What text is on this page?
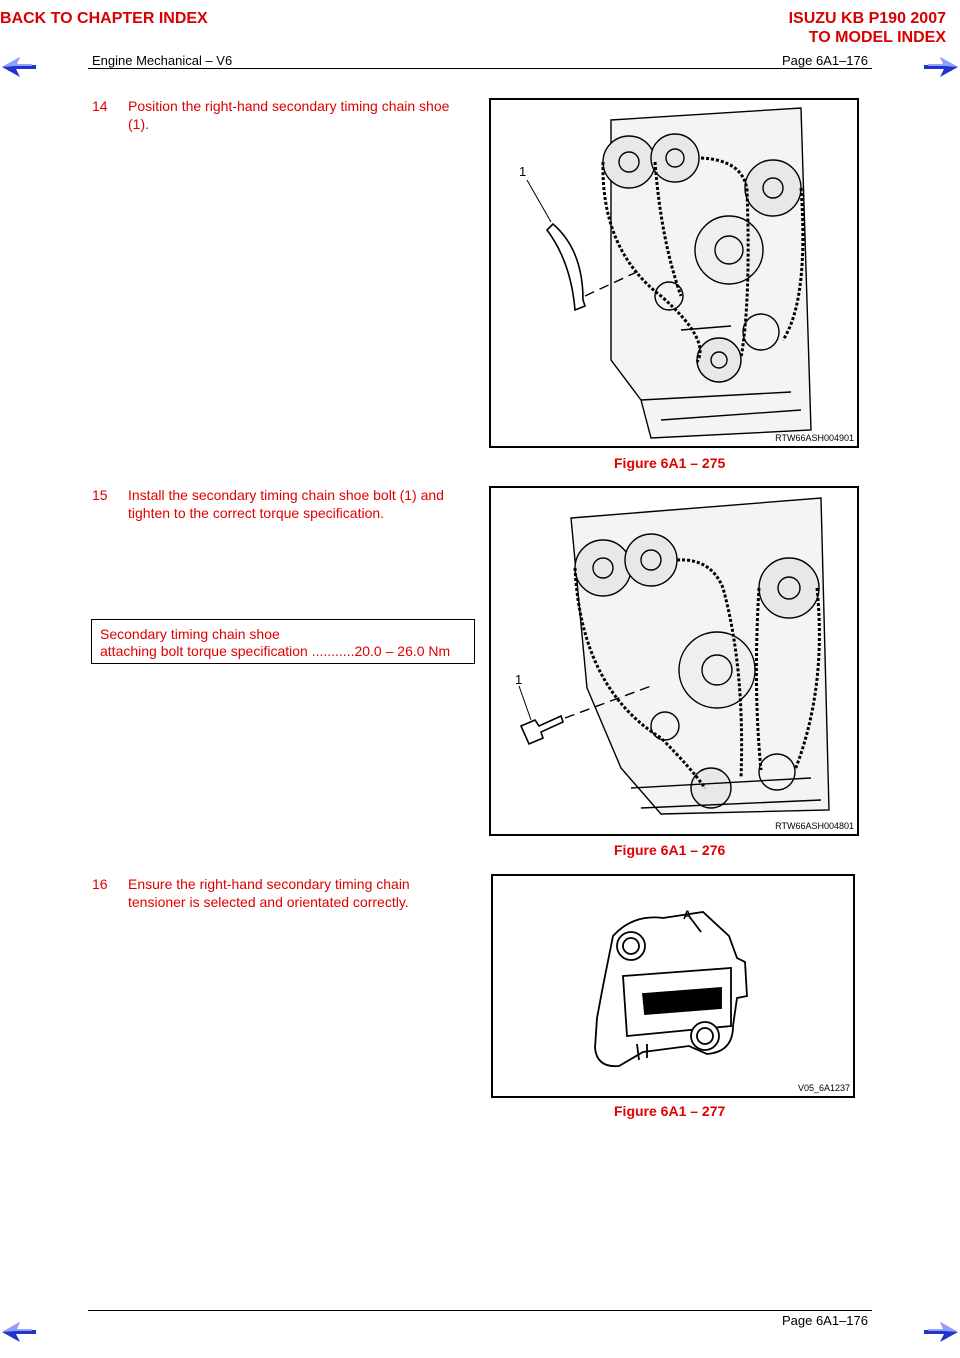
BACK TO CHAPTER INDEX	ISUZU KB P190 2007
TO MODEL INDEX
Engine Mechanical – V6	Page 6A1–176
14 Position the right-hand secondary timing chain shoe
(1).
1
RTW66ASH004901
Figure 6A1 – 275
15 Install the secondary timing chain shoe bolt (1) and
tighten to the correct torque specification.
Secondary timing chain shoe
attaching bolt torque specification ...........20.0 – 26.0 Nm
1
RTW66ASH004801
Figure 6A1 – 276
16 Ensure the right-hand secondary timing chain
tensioner is selected and orientated correctly.
A
5562
V05_6A1237
Figure 6A1 – 277
Page 6A1–176
